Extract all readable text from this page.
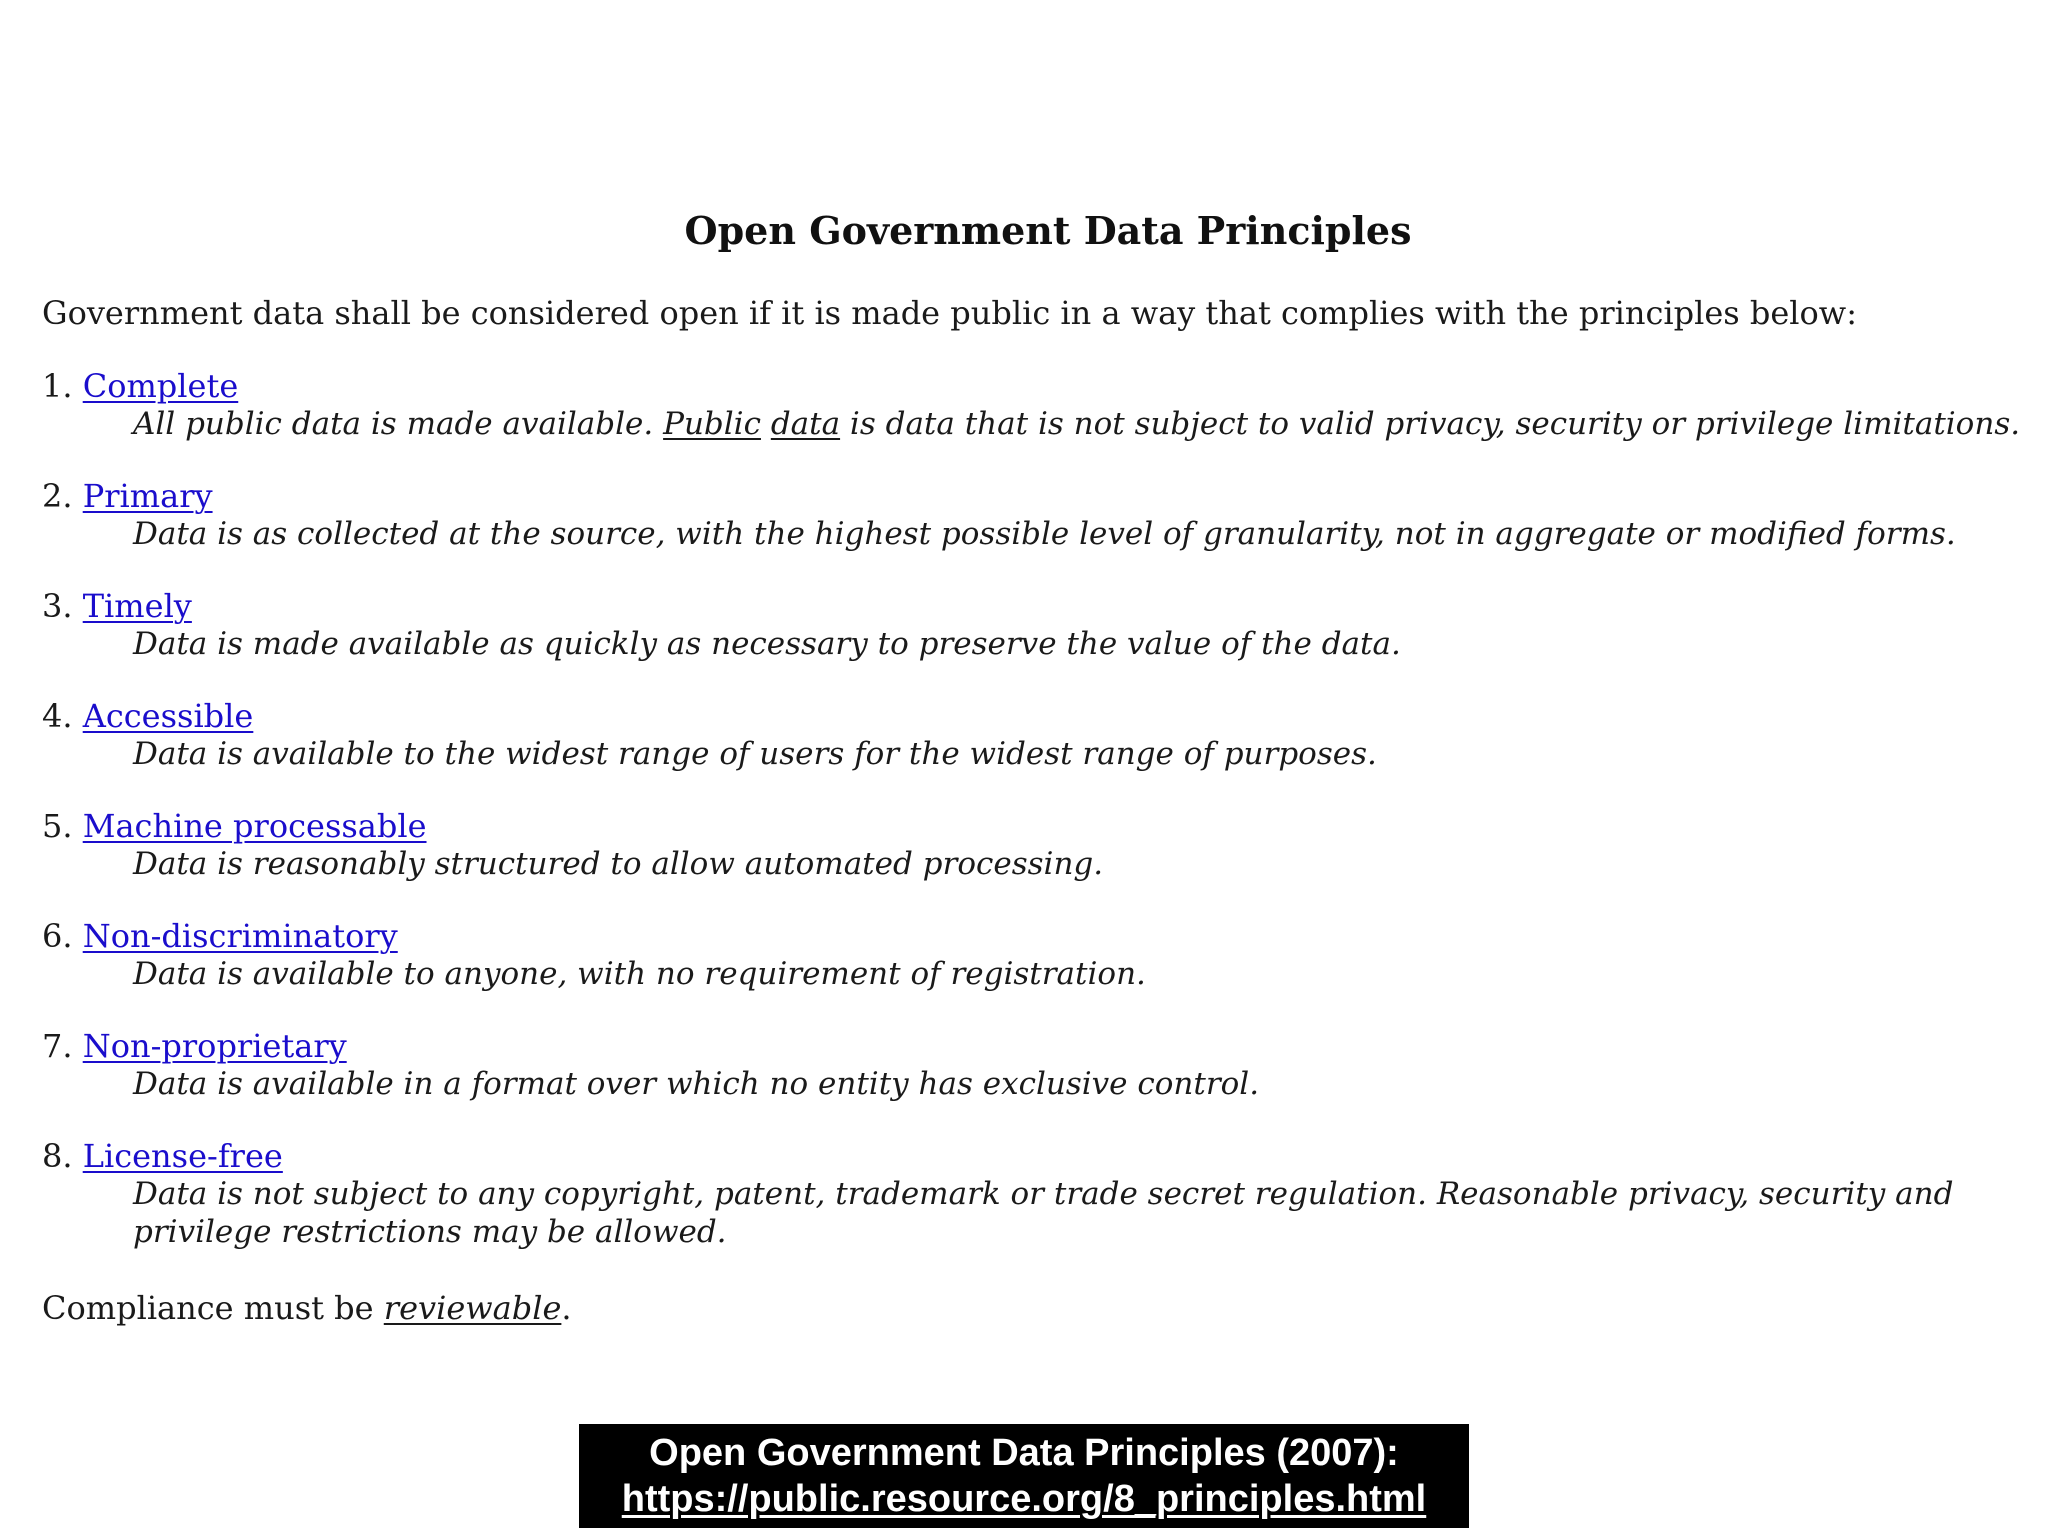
Open Government Data Principles
Government data shall be considered open if it is made public in a way that complies with the principles below:
1. Complete
All public data is made available. Public data is data that is not subject to valid privacy, security or privilege limitations.
2. Primary
Data is as collected at the source, with the highest possible level of granularity, not in aggregate or modified forms.
3. Timely
Data is made available as quickly as necessary to preserve the value of the data.
4. Accessible
Data is available to the widest range of users for the widest range of purposes.
5. Machine processable
Data is reasonably structured to allow automated processing.
6. Non-discriminatory
Data is available to anyone, with no requirement of registration.
7. Non-proprietary
Data is available in a format over which no entity has exclusive control.
8. License-free
Data is not subject to any copyright, patent, trademark or trade secret regulation. Reasonable privacy, security and privilege restrictions may be allowed.
Compliance must be reviewable.
Open Government Data Principles (2007):
https://public.resource.org/8_principles.html
